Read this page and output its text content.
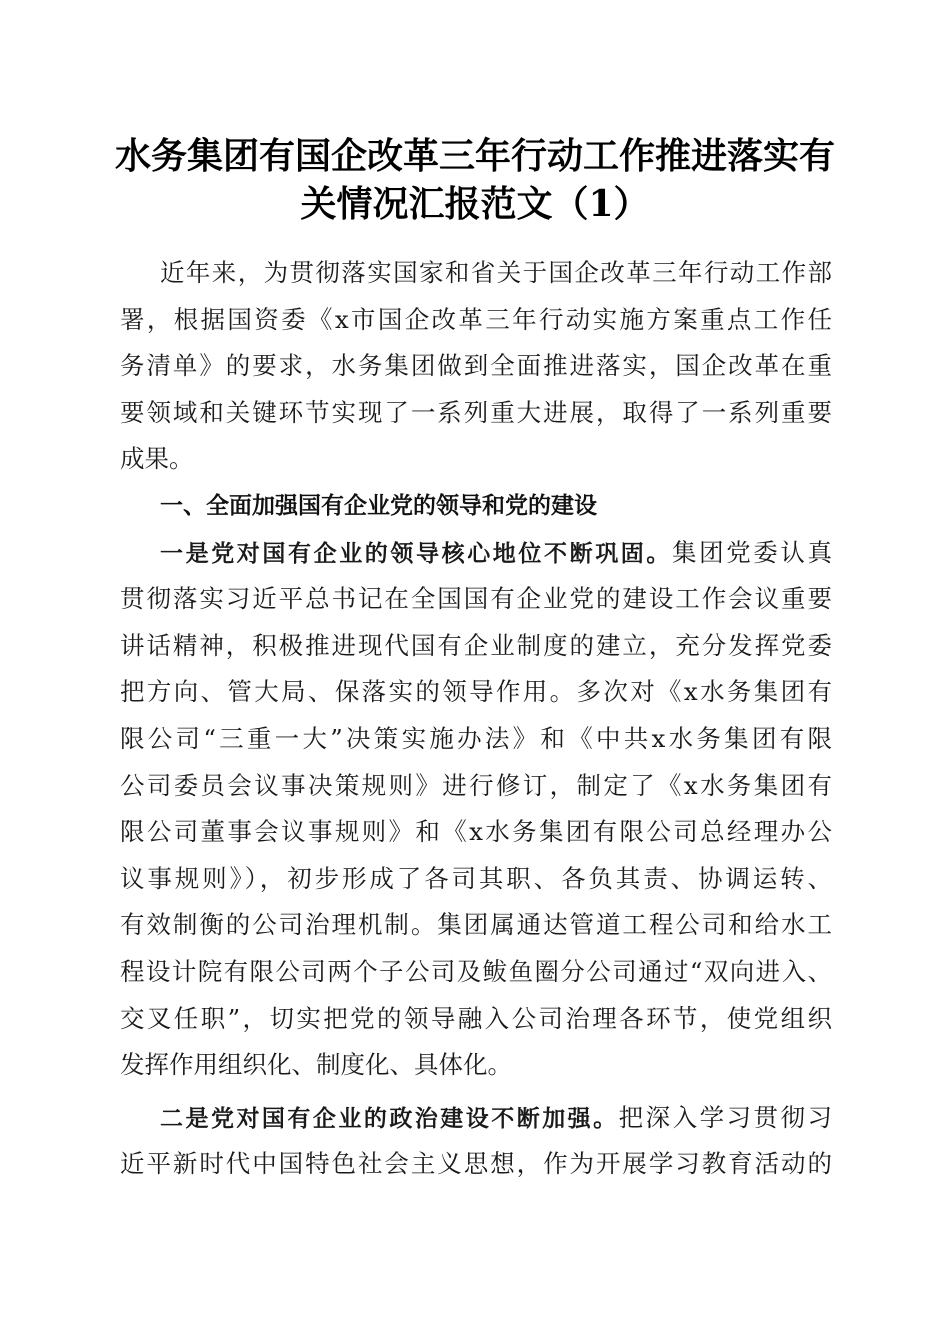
水务集团有国企改革三年行动工作推进落实有
关情况汇报范文（1）
近年来，为贯彻落实国家和省关于国企改革三年行动工作部
署，根据国资委《x市国企改革三年行动实施方案重点工作任
务清单》的要求，水务集团做到全面推进落实，国企改革在重
要领域和关键环节实现了一系列重大进展，取得了一系列重要
成果。
一、全面加强国有企业党的领导和党的建设
一是党对国有企业的领导核心地位不断巩固。集团党委认真
贯彻落实习近平总书记在全国国有企业党的建设工作会议重要
讲话精神，积极推进现代国有企业制度的建立，充分发挥党委
把方向、管大局、保落实的领导作用。多次对《x水务集团有
限公司“三重一大”决策实施办法》和《中共x水务集团有限
公司委员会议事决策规则》进行修订，制定了《x水务集团有
限公司董事会议事规则》和《x水务集团有限公司总经理办公
议事规则》），初步形成了各司其职、各负其责、协调运转、
有效制衡的公司治理机制。集团属通达管道工程公司和给水工
程设计院有限公司两个子公司及鲅鱼圈分公司通过“双向进入、
交叉任职”，切实把党的领导融入公司治理各环节，使党组织
发挥作用组织化、制度化、具体化。
二是党对国有企业的政治建设不断加强。把深入学习贯彻习
近平新时代中国特色社会主义思想，作为开展学习教育活动的
